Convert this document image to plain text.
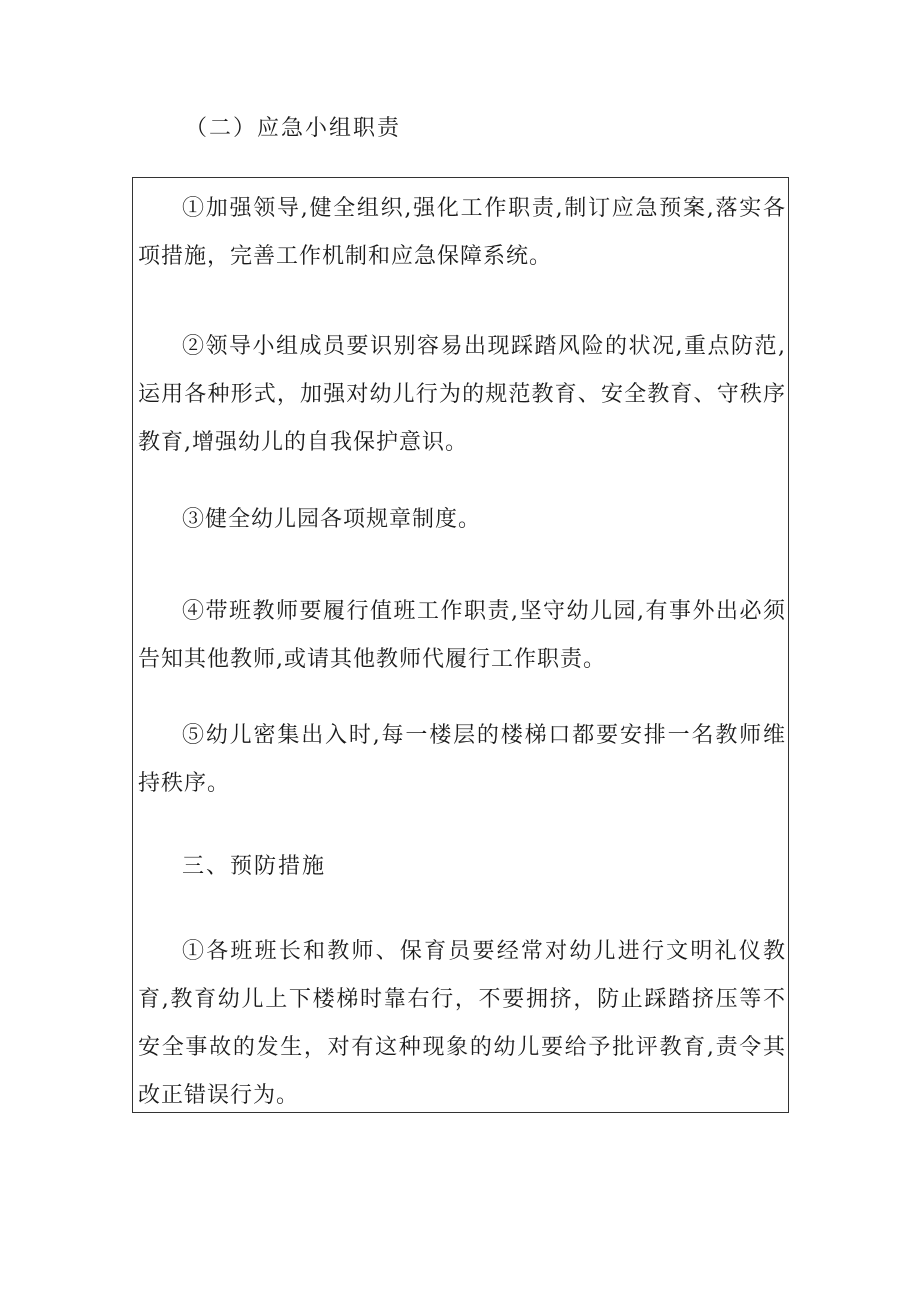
（二）应急小组职责

①加强领导,健全组织,强化工作职责,制订应急预案,落实各项措施，完善工作机制和应急保障系统。

②领导小组成员要识别容易出现踩踏风险的状况,重点防范,运用各种形式，加强对幼儿行为的规范教育、安全教育、守秩序教育,增强幼儿的自我保护意识。

③健全幼儿园各项规章制度。

④带班教师要履行值班工作职责,坚守幼儿园,有事外出必须告知其他教师,或请其他教师代履行工作职责。

⑤幼儿密集出入时,每一楼层的楼梯口都要安排一名教师维持秩序。

三、预防措施

①各班班长和教师、保育员要经常对幼儿进行文明礼仪教育,教育幼儿上下楼梯时靠右行，不要拥挤，防止踩踏挤压等不安全事故的发生，对有这种现象的幼儿要给予批评教育,责令其改正错误行为。
